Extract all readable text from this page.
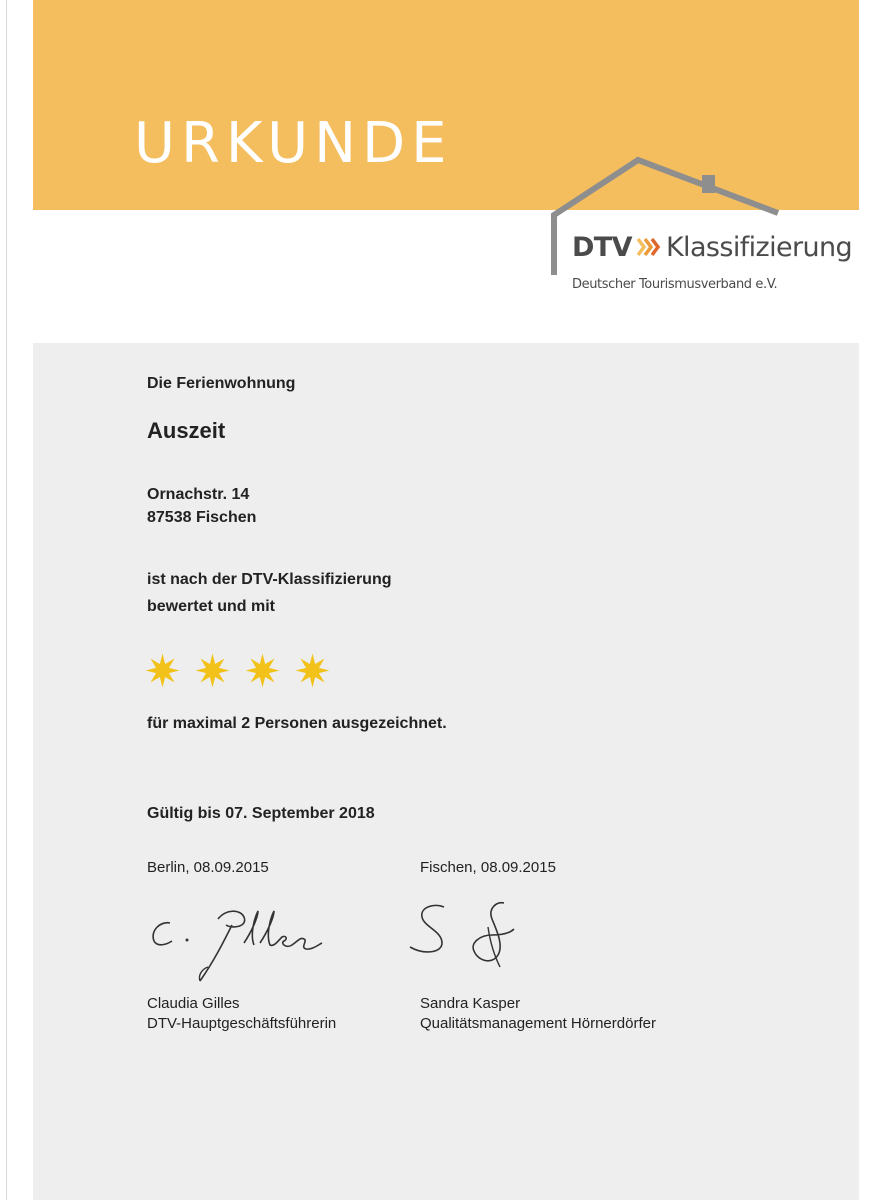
URKUNDE
DTV Klassifizierung
Deutscher Tourismusverband e.V.
Die Ferienwohnung
Auszeit
Ornachstr. 14
87538 Fischen
ist nach der DTV-Klassifizierung
bewertet und mit
für maximal 2 Personen ausgezeichnet.
Gültig bis 07. September 2018
Berlin, 08.09.2015	Fischen, 08.09.2015
Claudia Gilles
DTV-Hauptgeschäftsführerin
Sandra Kasper
Qualitätsmanagement Hörnerdörfer
